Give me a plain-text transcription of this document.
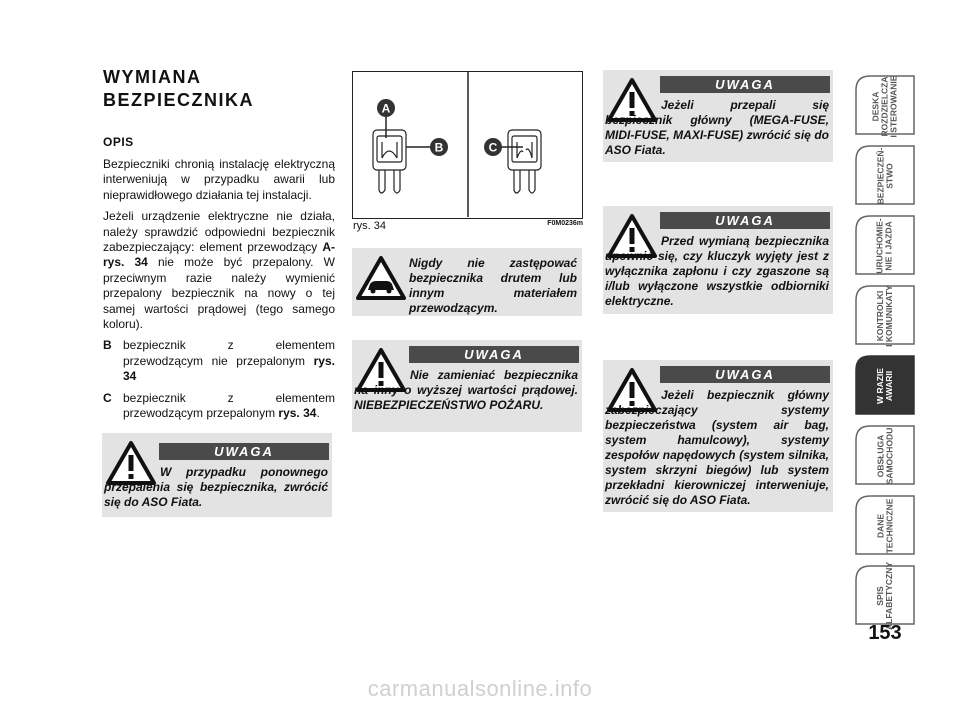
WYMIANA
BEZPIECZNIKA
OPIS

Bezpieczniki chronią instalację elektryczną interweniują w przypadku awarii lub nieprawidłowego działania tej instalacji.

Jeżeli urządzenie elektryczne nie działa, należy sprawdzić odpowiedni bezpiecznik zabezpieczający: element przewodzący A-rys. 34 nie może być przepalony. W przeciwnym razie należy wymienić przepalony bezpiecznik na nowy o tej samej wartości prądowej (tego samego koloru).

B bezpiecznik z elementem przewodzącym nie przepalonym rys. 34
C bezpiecznik z elementem przewodzącym przepalonym rys. 34.
UWAGA

W przypadku ponownego przepalenia się bezpiecznika, zwrócić się do ASO Fiata.

A
B	C
rys. 34	F0M0236m

Nigdy nie zastępować bezpiecznika drutem lub innym materiałem przewodzącym.

UWAGA

Nie zamieniać bezpiecznika na inny o wyższej wartości prądowej. NIEBEZPIECZEŃSTWO POŻARU.

UWAGA

Jeżeli przepali się bezpiecznik główny (MEGA-FUSE, MIDI-FUSE, MAXI-FUSE) zwrócić się do ASO Fiata.

UWAGA

Przed wymianą bezpiecznika upewnić się, czy kluczyk wyjęty jest z wyłącznika zapłonu i czy zgaszone są i/lub wyłączone wszystkie odbiorniki elektryczne.

UWAGA

Jeżeli bezpiecznik główny zabezpieczający systemy bezpieczeństwa (system air bag, system hamulcowy), systemy zespołów napędowych (system silnika, system skrzyni biegów) lub system przekładni kierowniczej interweniuje, zwrócić się do ASO Fiata.

DESKA
ROZDZIELCZA
I STEROWANIE
BEZPIECZEŃ-
STWO
URUCHOMIE-
NIE I JAZDA
KONTROLKI
I KOMUNIKATY
W RAZIE
AWARII
OBSŁUGA
SAMOCHODU
DANE
TECHNICZNE
SPIS
ALFABETYCZNY
153
carmanualsonline.info
